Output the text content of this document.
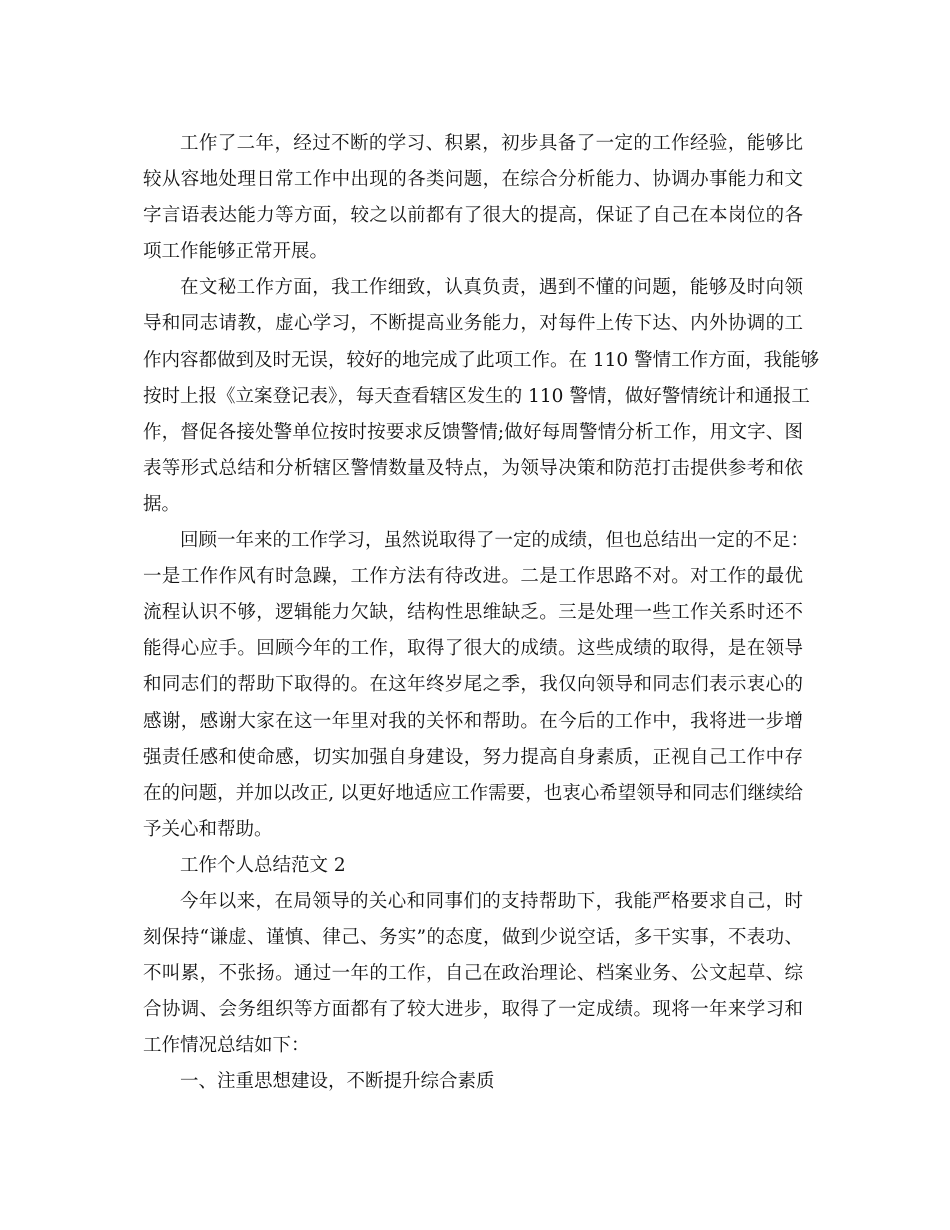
工作了二年，经过不断的学习、积累，初步具备了一定的工作经验，能够比
较从容地处理日常工作中出现的各类问题，在综合分析能力、协调办事能力和文
字言语表达能力等方面，较之以前都有了很大的提高，保证了自己在本岗位的各
项工作能够正常开展。
在文秘工作方面，我工作细致，认真负责，遇到不懂的问题，能够及时向领
导和同志请教，虚心学习，不断提高业务能力，对每件上传下达、内外协调的工
作内容都做到及时无误，较好的地完成了此项工作。在 110 警情工作方面，我能够
按时上报《立案登记表》，每天查看辖区发生的 110 警情，做好警情统计和通报工
作，督促各接处警单位按时按要求反馈警情;做好每周警情分析工作，用文字、图
表等形式总结和分析辖区警情数量及特点，为领导决策和防范打击提供参考和依
据。
回顾一年来的工作学习，虽然说取得了一定的成绩，但也总结出一定的不足：
一是工作作风有时急躁，工作方法有待改进。二是工作思路不对。对工作的最优
流程认识不够，逻辑能力欠缺，结构性思维缺乏。三是处理一些工作关系时还不
能得心应手。回顾今年的工作，取得了很大的成绩。这些成绩的取得，是在领导
和同志们的帮助下取得的。在这年终岁尾之季，我仅向领导和同志们表示衷心的
感谢，感谢大家在这一年里对我的关怀和帮助。在今后的工作中，我将进一步增
强责任感和使命感，切实加强自身建设，努力提高自身素质，正视自己工作中存
在的问题，并加以改正, 以更好地适应工作需要，也衷心希望领导和同志们继续给
予关心和帮助。
工作个人总结范文 2
今年以来，在局领导的关心和同事们的支持帮助下，我能严格要求自己，时
刻保持“谦虚、谨慎、律己、务实”的态度，做到少说空话，多干实事，不表功、
不叫累，不张扬。通过一年的工作，自己在政治理论、档案业务、公文起草、综
合协调、会务组织等方面都有了较大进步，取得了一定成绩。现将一年来学习和
工作情况总结如下：
一、注重思想建设，不断提升综合素质
